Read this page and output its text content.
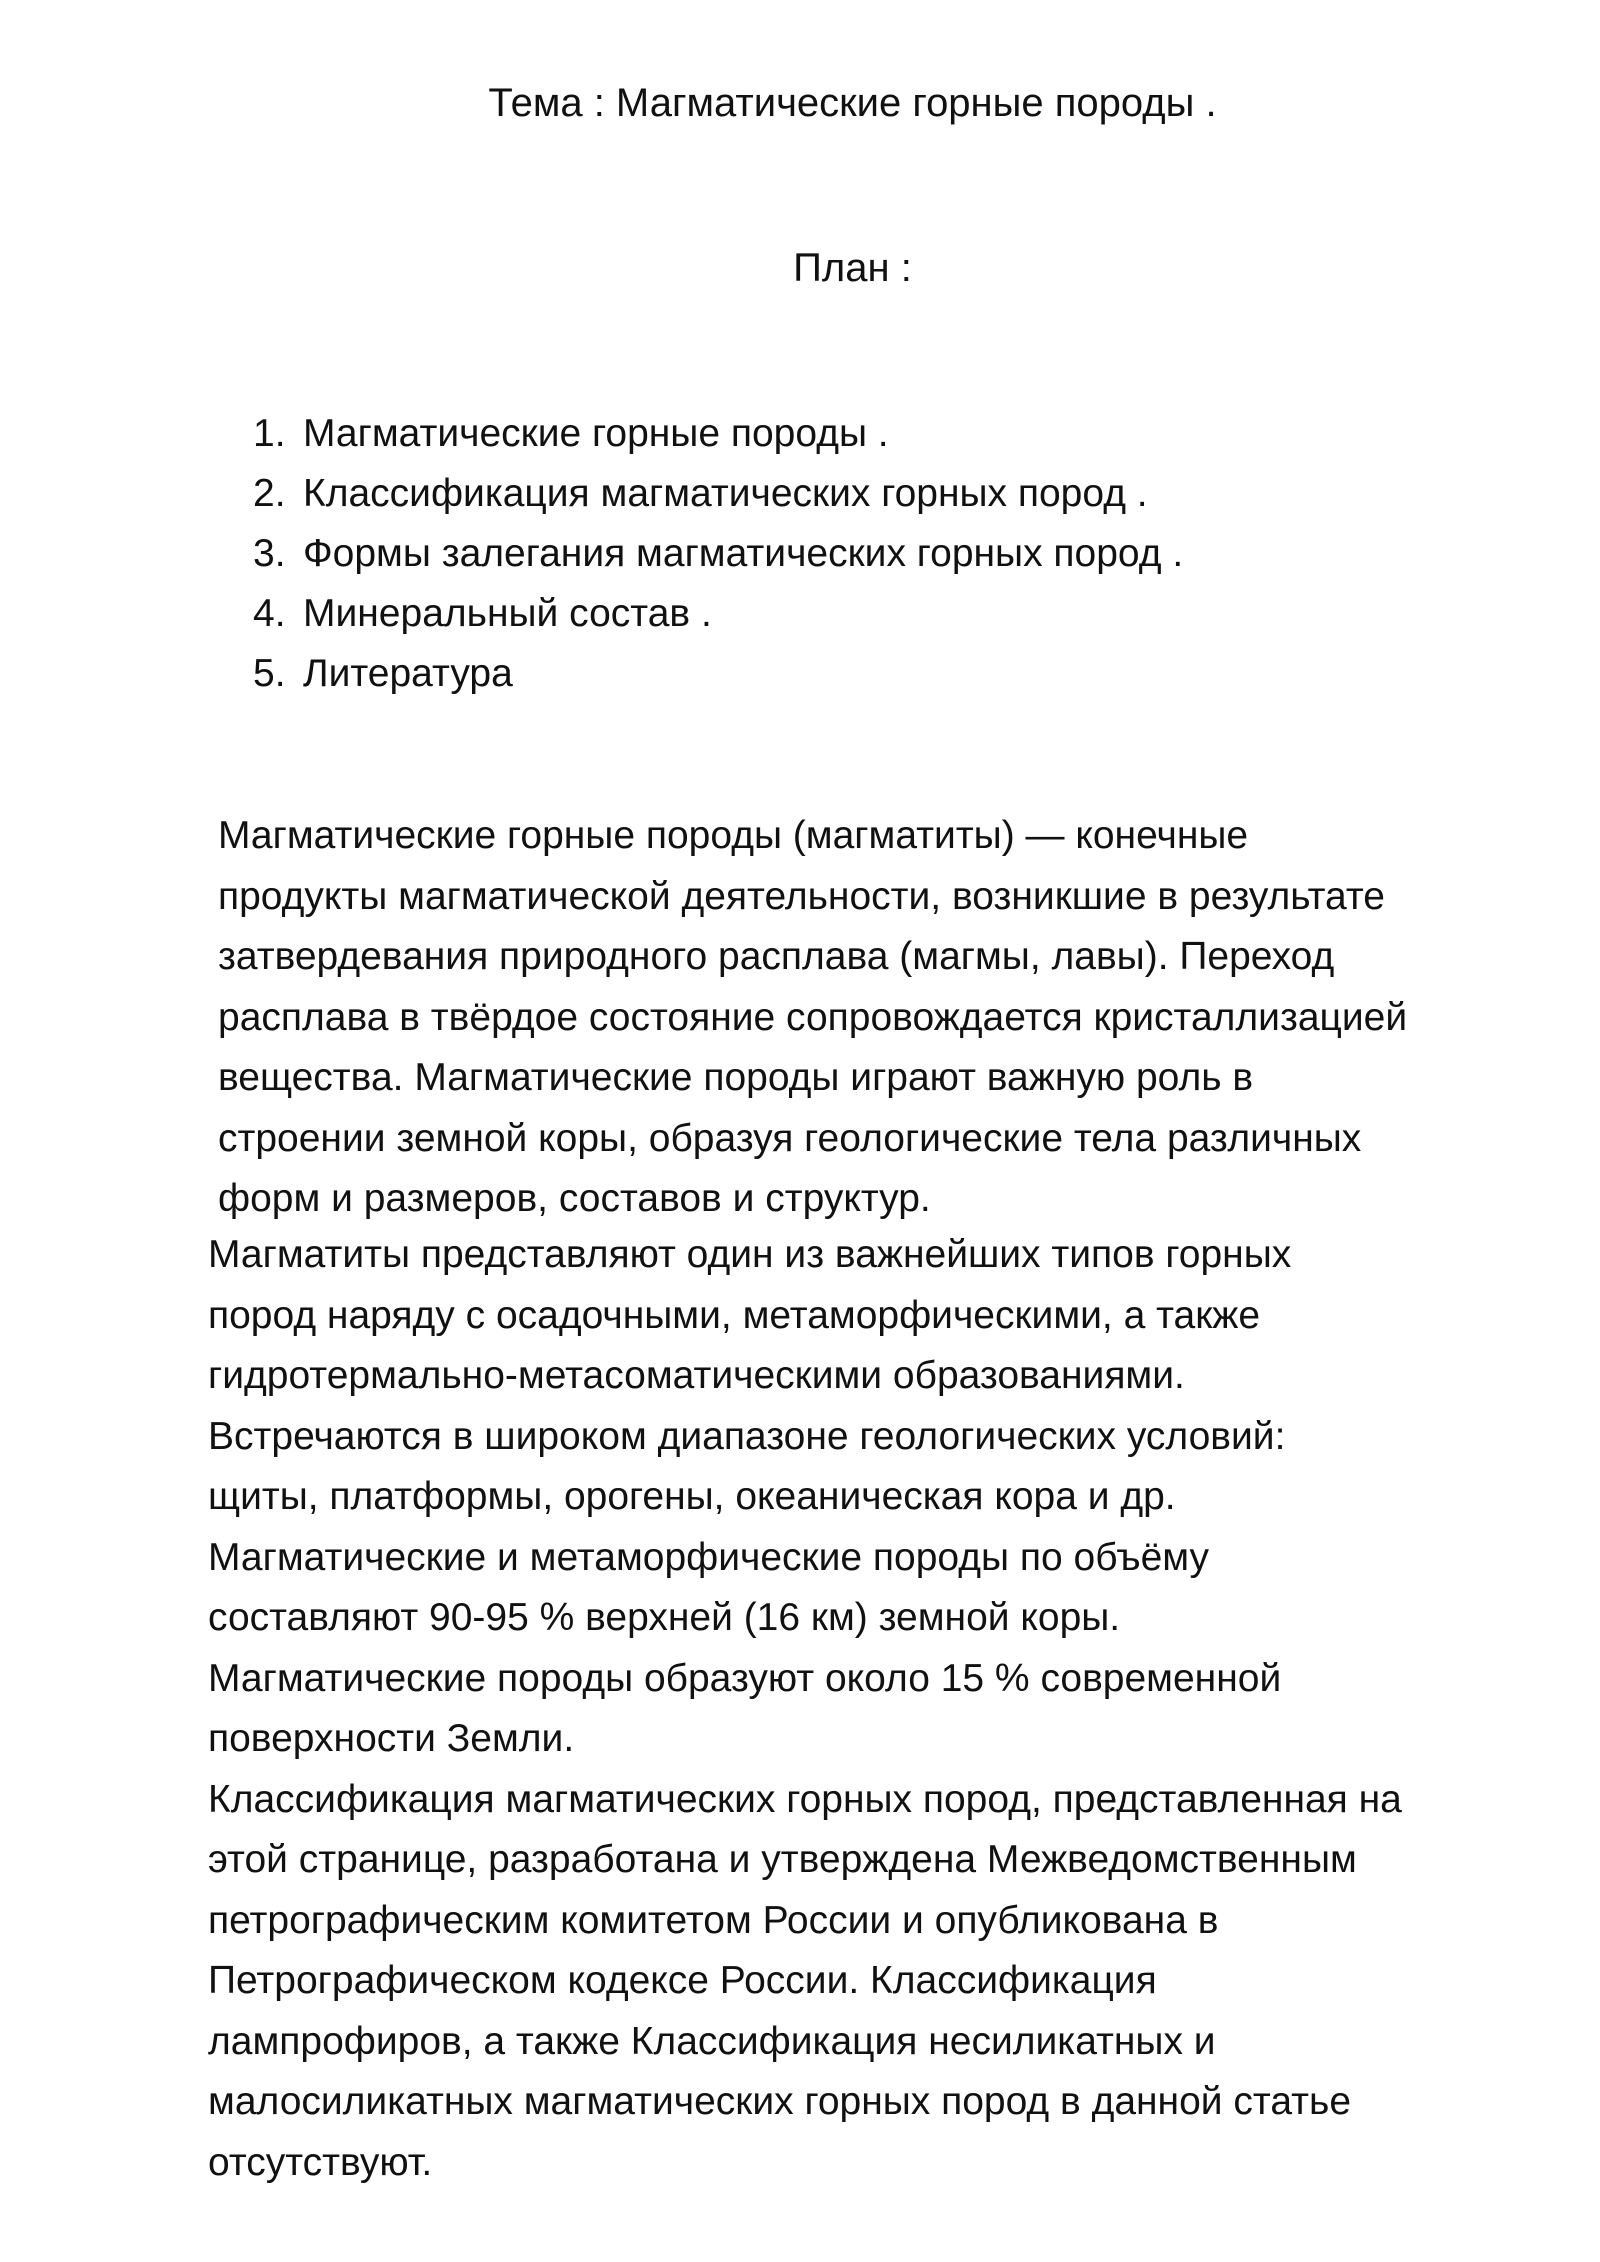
Тема : Магматические горные породы .
План :
1. Магматические горные породы .
2. Классификация магматических горных пород .
3. Формы залегания магматических горных пород .
4. Минеральный состав .
5. Литература

Магматические горные породы (магматиты) — конечные
продукты магматической деятельности, возникшие в результате
затвердевания природного расплава (магмы, лавы). Переход
расплава в твёрдое состояние сопровождается кристаллизацией
вещества. Магматические породы играют важную роль в
строении земной коры, образуя геологические тела различных
форм и размеров, составов и структур.

Магматиты представляют один из важнейших типов горных
пород наряду с осадочными, метаморфическими, а также
гидротермально-метасоматическими образованиями.
Встречаются в широком диапазоне геологических условий:
щиты, платформы, орогены, океаническая кора и др.
Магматические и метаморфические породы по объёму
составляют 90-95 % верхней (16 км) земной коры.
Магматические породы образуют около 15 % современной
поверхности Земли.
Классификация магматических горных пород, представленная на
этой странице, разработана и утверждена Межведомственным
петрографическим комитетом России и опубликована в
Петрографическом кодексе России. Классификация
лампрофиров, а также Классификация несиликатных и
малосиликатных магматических горных пород в данной статье
отсутствуют.
